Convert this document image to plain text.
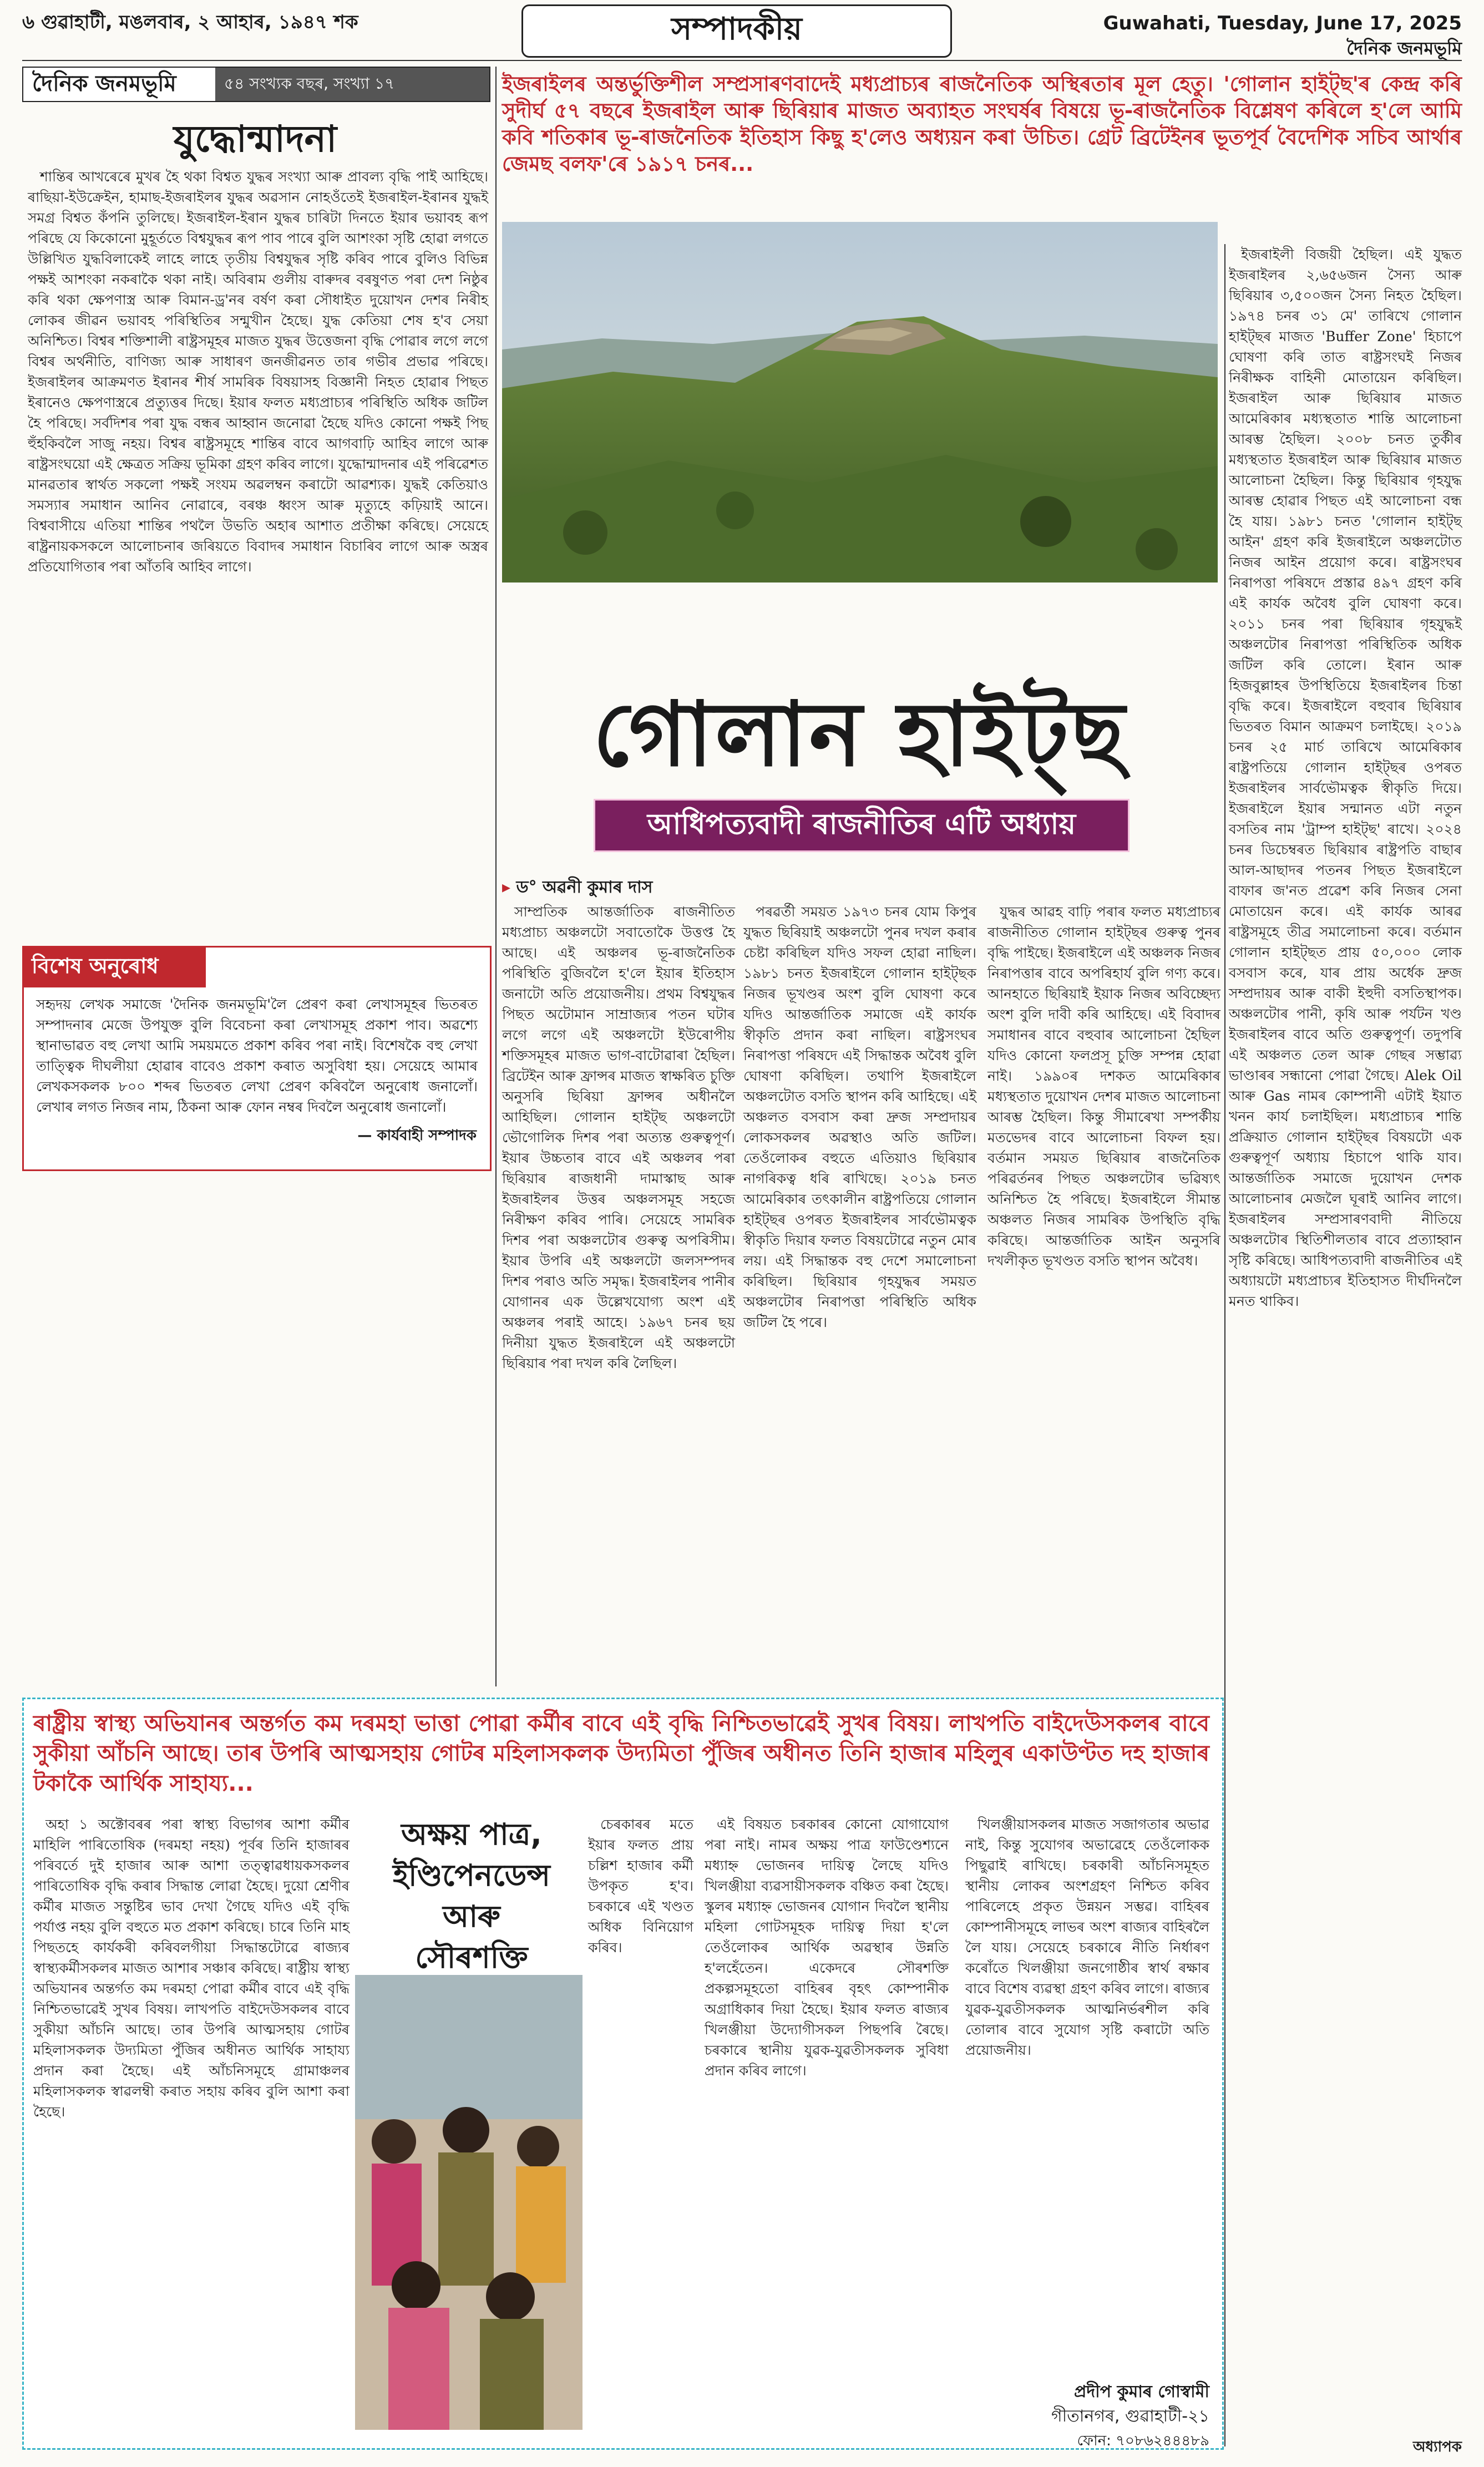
৬ গুৱাহাটী, মঙলবাৰ, ২ আহাৰ, ১৯৪৭ শক	সম্পাদকীয়	Guwahati, Tuesday, June 17, 2025
দৈনিক জনমভূমি
দৈনিক জনমভূমি	৫৪ সংখ্যক বছৰ, সংখ্যা ১৭
যুদ্ধোন্মাদনা

শান্তিৰ আখৰেৰে মুখৰ হৈ থকা বিশ্বত যুদ্ধৰ সংখ্যা আৰু প্ৰাবল্য বৃদ্ধি পাই আহিছে। ৰাছিয়া-ইউক্ৰেইন, হামাছ-ইজৰাইলৰ যুদ্ধৰ অৱসান নোহওঁতেই ইজৰাইল-ইৰানৰ যুদ্ধই সমগ্ৰ বিশ্বত কঁপনি তুলিছে। ইজৰাইল-ইৰান যুদ্ধৰ চাৰিটা দিনতে ইয়াৰ ভয়াবহ ৰূপ পৰিছে যে কিকোনো মুহূৰ্ততে বিশ্বযুদ্ধৰ ৰূপ পাব পাৰে বুলি আশংকা সৃষ্টি হোৱা লগতে উল্লিখিত যুদ্ধবিলাকেই লাহে লাহে তৃতীয় বিশ্বযুদ্ধৰ সৃষ্টি কৰিব পাৰে বুলিও বিভিন্ন পক্ষই আশংকা নকৰাকৈ থকা নাই। অবিৰাম গুলীয় বাৰুদৰ বৰষুণত পৰা দেশ নিষ্ঠুৰ কৰি থকা ক্ষেপণাস্ত্ৰ আৰু বিমান-ড্ৰ'নৰ বৰ্ষণ কৰা সৌধাইত দুয়োখন দেশৰ নিৰীহ লোকৰ জীৱন ভয়াবহ পৰিস্থিতিৰ সন্মুখীন হৈছে। যুদ্ধ কেতিয়া শেষ হ'ব সেয়া অনিশ্চিত। বিশ্বৰ শক্তিশালী ৰাষ্ট্ৰসমূহৰ মাজত যুদ্ধৰ উত্তেজনা বৃদ্ধি পোৱাৰ লগে লগে বিশ্বৰ অৰ্থনীতি, বাণিজ্য আৰু সাধাৰণ জনজীৱনত তাৰ গভীৰ প্ৰভাৱ পৰিছে। ইজৰাইলৰ আক্ৰমণত ইৰানৰ শীৰ্ষ সামৰিক বিষয়াসহ বিজ্ঞানী নিহত হোৱাৰ পিছত ইৰানেও ক্ষেপণাস্ত্ৰৰে প্ৰত্যুত্তৰ দিছে। ইয়াৰ ফলত মধ্যপ্ৰাচ্যৰ পৰিস্থিতি অধিক জটিল হৈ পৰিছে। সৰ্বদিশৰ পৰা যুদ্ধ বন্ধৰ আহ্বান জনোৱা হৈছে যদিও কোনো পক্ষই পিছ হুঁহকিবলৈ সাজু নহয়। বিশ্বৰ ৰাষ্ট্ৰসমূহে শান্তিৰ বাবে আগবাঢ়ি আহিব লাগে আৰু ৰাষ্ট্ৰসংঘয়ো এই ক্ষেত্ৰত সক্ৰিয় ভূমিকা গ্ৰহণ কৰিব লাগে। যুদ্ধোন্মাদনাৰ এই পৰিৱেশত মানৱতাৰ স্বাৰ্থত সকলো পক্ষই সংযম অৱলম্বন কৰাটো আৱশ্যক। যুদ্ধই কেতিয়াও সমস্যাৰ সমাধান আনিব নোৱাৰে, বৰঞ্চ ধ্বংস আৰু মৃত্যুহে কঢ়িয়াই আনে। বিশ্ববাসীয়ে এতিয়া শান্তিৰ পথলৈ উভতি অহাৰ আশাত প্ৰতীক্ষা কৰিছে। সেয়েহে ৰাষ্ট্ৰনায়কসকলে আলোচনাৰ জৰিয়তে বিবাদৰ সমাধান বিচাৰিব লাগে আৰু অস্ত্ৰৰ প্ৰতিযোগিতাৰ পৰা আঁতৰি আহিব লাগে।

বিশেষ অনুৰোধ
সহৃদয় লেখক সমাজে 'দৈনিক জনমভূমি'লৈ প্ৰেৰণ কৰা লেখাসমূহৰ ভিতৰত সম্পাদনাৰ মেজে উপযুক্ত বুলি বিবেচনা কৰা লেখাসমূহ প্ৰকাশ পাব। অৱশ্যে স্থানাভাৱত বহু লেখা আমি সময়মতে প্ৰকাশ কৰিব পৰা নাই। বিশেষকৈ বহু লেখা তাত্ত্বিক দীঘলীয়া হোৱাৰ বাবেও প্ৰকাশ কৰাত অসুবিধা হয়। সেয়েহে আমাৰ লেখকসকলক ৮০০ শব্দৰ ভিতৰত লেখা প্ৰেৰণ কৰিবলৈ অনুৰোধ জনালোঁ। লেখাৰ লগত নিজৰ নাম, ঠিকনা আৰু ফোন নম্বৰ দিবলৈ অনুৰোধ জনালোঁ।
— কাৰ্যবাহী সম্পাদক
ইজৰাইলৰ অন্তৰ্ভুক্তিশীল সম্প্ৰসাৰণবাদেই মধ্যপ্ৰাচ্যৰ ৰাজনৈতিক অস্থিৰতাৰ মূল হেতু। 'গোলান হাইট্‌ছ'ৰ কেন্দ্ৰ কৰি সুদীৰ্ঘ ৫৭ বছৰে ইজৰাইল আৰু ছিৰিয়াৰ মাজত অব্যাহত সংঘৰ্ষৰ বিষয়ে ভূ-ৰাজনৈতিক বিশ্লেষণ কৰিলে হ'লে আমি কবি শতিকাৰ ভূ-ৰাজনৈতিক ইতিহাস কিছু হ'লেও অধ্যয়ন কৰা উচিত। গ্ৰেট ব্ৰিটেইনৰ ভূতপূৰ্ব বৈদেশিক সচিব আৰ্থাৰ জেমছ বলফ'ৰে ১৯১৭ চনৰ...
গোলান হাইট্‌ছ
আধিপত্যবাদী ৰাজনীতিৰ এটি অধ্যায়
▸ ড° অৱনী কুমাৰ দাস

সাম্প্ৰতিক আন্তৰ্জাতিক ৰাজনীতিত মধ্যপ্ৰাচ্য অঞ্চলটো সবাতোকৈ উত্তপ্ত হৈ আছে। এই অঞ্চলৰ ভূ-ৰাজনৈতিক পৰিস্থিতি বুজিবলৈ হ'লে ইয়াৰ ইতিহাস জনাটো অতি প্ৰয়োজনীয়। প্ৰথম বিশ্বযুদ্ধৰ পিছত অটোমান সাম্ৰাজ্যৰ পতন ঘটাৰ লগে লগে এই অঞ্চলটো ইউৰোপীয় শক্তিসমূহৰ মাজত ভাগ-বাটোৱাৰা হৈছিল। ব্ৰিটেইন আৰু ফ্ৰান্সৰ মাজত স্বাক্ষৰিত চুক্তি অনুসৰি ছিৰিয়া ফ্ৰান্সৰ অধীনলৈ আহিছিল। গোলান হাইট্‌ছ অঞ্চলটো ভৌগোলিক দিশৰ পৰা অত্যন্ত গুৰুত্বপূৰ্ণ। ইয়াৰ উচ্চতাৰ বাবে এই অঞ্চলৰ পৰা ছিৰিয়াৰ ৰাজধানী দামাস্কাছ আৰু ইজৰাইলৰ উত্তৰ অঞ্চলসমূহ সহজে নিৰীক্ষণ কৰিব পাৰি। সেয়েহে সামৰিক দিশৰ পৰা অঞ্চলটোৰ গুৰুত্ব অপৰিসীম। ইয়াৰ উপৰি এই অঞ্চলটো জলসম্পদৰ দিশৰ পৰাও অতি সমৃদ্ধ। ইজৰাইলৰ পানীৰ যোগানৰ এক উল্লেখযোগ্য অংশ এই অঞ্চলৰ পৰাই আহে। ১৯৬৭ চনৰ ছয় দিনীয়া যুদ্ধত ইজৰাইলে এই অঞ্চলটো ছিৰিয়াৰ পৰা দখল কৰি লৈছিল।

পৰৱৰ্তী সময়ত ১৯৭৩ চনৰ যোম কিপুৰ যুদ্ধত ছিৰিয়াই অঞ্চলটো পুনৰ দখল কৰাৰ চেষ্টা কৰিছিল যদিও সফল হোৱা নাছিল। ১৯৮১ চনত ইজৰাইলে গোলান হাইট্‌ছক নিজৰ ভূখণ্ডৰ অংশ বুলি ঘোষণা কৰে যদিও আন্তৰ্জাতিক সমাজে এই কাৰ্যক স্বীকৃতি প্ৰদান কৰা নাছিল। ৰাষ্ট্ৰসংঘৰ নিৰাপত্তা পৰিষদে এই সিদ্ধান্তক অবৈধ বুলি ঘোষণা কৰিছিল। তথাপি ইজৰাইলে অঞ্চলটোত বসতি স্থাপন কৰি আহিছে। এই অঞ্চলত বসবাস কৰা দ্ৰুজ সম্প্ৰদায়ৰ লোকসকলৰ অৱস্থাও অতি জটিল। তেওঁলোকৰ বহুতে এতিয়াও ছিৰিয়াৰ নাগৰিকত্ব ধৰি ৰাখিছে। ২০১৯ চনত আমেৰিকাৰ তৎকালীন ৰাষ্ট্ৰপতিয়ে গোলান হাইট্‌ছৰ ওপৰত ইজৰাইলৰ সাৰ্বভৌমত্বক স্বীকৃতি দিয়াৰ ফলত বিষয়টোৱে নতুন মোৰ লয়। এই সিদ্ধান্তক বহু দেশে সমালোচনা কৰিছিল। ছিৰিয়াৰ গৃহযুদ্ধৰ সময়ত অঞ্চলটোৰ নিৰাপত্তা পৰিস্থিতি অধিক জটিল হৈ পৰে।

যুদ্ধৰ আৱহ বাঢ়ি পৰাৰ ফলত মধ্যপ্ৰাচ্যৰ ৰাজনীতিত গোলান হাইট্‌ছৰ গুৰুত্ব পুনৰ বৃদ্ধি পাইছে। ইজৰাইলে এই অঞ্চলক নিজৰ নিৰাপত্তাৰ বাবে অপৰিহাৰ্য বুলি গণ্য কৰে। আনহাতে ছিৰিয়াই ইয়াক নিজৰ অবিচ্ছেদ্য অংশ বুলি দাবী কৰি আহিছে। এই বিবাদৰ সমাধানৰ বাবে বহুবাৰ আলোচনা হৈছিল যদিও কোনো ফলপ্ৰসূ চুক্তি সম্পন্ন হোৱা নাই। ১৯৯০ৰ দশকত আমেৰিকাৰ মধ্যস্থতাত দুয়োখন দেশৰ মাজত আলোচনা আৰম্ভ হৈছিল। কিন্তু সীমাৰেখা সম্পৰ্কীয় মতভেদৰ বাবে আলোচনা বিফল হয়। বৰ্তমান সময়ত ছিৰিয়াৰ ৰাজনৈতিক পৰিৱৰ্তনৰ পিছত অঞ্চলটোৰ ভৱিষ্যৎ অনিশ্চিত হৈ পৰিছে। ইজৰাইলে সীমান্ত অঞ্চলত নিজৰ সামৰিক উপস্থিতি বৃদ্ধি কৰিছে। আন্তৰ্জাতিক আইন অনুসৰি দখলীকৃত ভূখণ্ডত বসতি স্থাপন অবৈধ।

ইজৰাইলী বিজয়ী হৈছিল। এই যুদ্ধত ইজৰাইলৰ ২,৬৫৬জন সৈন্য আৰু ছিৰিয়াৰ ৩,৫০০জন সৈন্য নিহত হৈছিল। ১৯৭৪ চনৰ ৩১ মে' তাৰিখে গোলান হাইট্‌ছৰ মাজত 'Buffer Zone' হিচাপে ঘোষণা কৰি তাত ৰাষ্ট্ৰসংঘই নিজৰ নিৰীক্ষক বাহিনী মোতায়েন কৰিছিল। ইজৰাইল আৰু ছিৰিয়াৰ মাজত আমেৰিকাৰ মধ্যস্থতাত শান্তি আলোচনা আৰম্ভ হৈছিল। ২০০৮ চনত তুৰ্কীৰ মধ্যস্থতাত ইজৰাইল আৰু ছিৰিয়াৰ মাজত আলোচনা হৈছিল। কিন্তু ছিৰিয়াৰ গৃহযুদ্ধ আৰম্ভ হোৱাৰ পিছত এই আলোচনা বন্ধ হৈ যায়। ১৯৮১ চনত 'গোলান হাইট্‌ছ আইন' গ্ৰহণ কৰি ইজৰাইলে অঞ্চলটোত নিজৰ আইন প্ৰয়োগ কৰে। ৰাষ্ট্ৰসংঘৰ নিৰাপত্তা পৰিষদে প্ৰস্তাৱ ৪৯৭ গ্ৰহণ কৰি এই কাৰ্যক অবৈধ বুলি ঘোষণা কৰে। ২০১১ চনৰ পৰা ছিৰিয়াৰ গৃহযুদ্ধই অঞ্চলটোৰ নিৰাপত্তা পৰিস্থিতিক অধিক জটিল কৰি তোলে। ইৰান আৰু হিজবুল্লাহৰ উপস্থিতিয়ে ইজৰাইলৰ চিন্তা বৃদ্ধি কৰে। ইজৰাইলে বহুবাৰ ছিৰিয়াৰ ভিতৰত বিমান আক্ৰমণ চলাইছে। ২০১৯ চনৰ ২৫ মাৰ্চ তাৰিখে আমেৰিকাৰ ৰাষ্ট্ৰপতিয়ে গোলান হাইট্‌ছৰ ওপৰত ইজৰাইলৰ সাৰ্বভৌমত্বক স্বীকৃতি দিয়ে। ইজৰাইলে ইয়াৰ সন্মানত এটা নতুন বসতিৰ নাম 'ট্ৰাম্প হাইট্‌ছ' ৰাখে। ২০২৪ চনৰ ডিচেম্বৰত ছিৰিয়াৰ ৰাষ্ট্ৰপতি বাছাৰ আল-আছাদৰ পতনৰ পিছত ইজৰাইলে বাফাৰ জ'নত প্ৰৱেশ কৰি নিজৰ সেনা মোতায়েন কৰে। এই কাৰ্যক আৰৱ ৰাষ্ট্ৰসমূহে তীব্ৰ সমালোচনা কৰে। বৰ্তমান গোলান হাইট্‌ছত প্ৰায় ৫০,০০০ লোক বসবাস কৰে, যাৰ প্ৰায় অৰ্ধেক দ্ৰুজ সম্প্ৰদায়ৰ আৰু বাকী ইহুদী বসতিস্থাপক। অঞ্চলটোৰ পানী, কৃষি আৰু পৰ্যটন খণ্ড ইজৰাইলৰ বাবে অতি গুৰুত্বপূৰ্ণ। তদুপৰি এই অঞ্চলত তেল আৰু গেছৰ সম্ভাৱ্য ভাণ্ডাৰৰ সন্ধানো পোৱা গৈছে। Alek Oil আৰু Gas নামৰ কোম্পানী এটাই ইয়াত খনন কাৰ্য চলাইছিল। মধ্যপ্ৰাচ্যৰ শান্তি প্ৰক্ৰিয়াত গোলান হাইট্‌ছৰ বিষয়টো এক গুৰুত্বপূৰ্ণ অধ্যায় হিচাপে থাকি যাব। আন্তৰ্জাতিক সমাজে দুয়োখন দেশক আলোচনাৰ মেজলৈ ঘূৰাই আনিব লাগে। ইজৰাইলৰ সম্প্ৰসাৰণবাদী নীতিয়ে অঞ্চলটোৰ স্থিতিশীলতাৰ বাবে প্ৰত্যাহ্বান সৃষ্টি কৰিছে। আধিপত্যবাদী ৰাজনীতিৰ এই অধ্যায়টো মধ্যপ্ৰাচ্যৰ ইতিহাসত দীৰ্ঘদিনলৈ মনত থাকিব।

অধ্যাপক
ৰাষ্ট্ৰীয় স্বাস্থ্য অভিযানৰ অন্তৰ্গত কম দৰমহা ভাত্তা পোৱা কৰ্মীৰ বাবে এই বৃদ্ধি নিশ্চিতভাৱেই সুখৰ বিষয়। লাখপতি বাইদেউসকলৰ বাবে সুকীয়া আঁচনি আছে। তাৰ উপৰি আত্মসহায় গোটৰ মহিলাসকলক উদ্যমিতা পুঁজিৰ অধীনত তিনি হাজাৰ মহিলুৰ একাউণ্টত দহ হাজাৰ টকাকৈ আৰ্থিক সাহায্য...

অহা ১ অক্টোবৰৰ পৰা স্বাস্থ্য বিভাগৰ আশা কৰ্মীৰ মাহিলি পাৰিতোষিক (দৰমহা নহয়) পূৰ্বৰ তিনি হাজাৰৰ পৰিবৰ্তে দুই হাজাৰ আৰু আশা তত্ত্বাৱধায়কসকলৰ পাৰিতোষিক বৃদ্ধি কৰাৰ সিদ্ধান্ত লোৱা হৈছে। দুয়ো শ্ৰেণীৰ কৰ্মীৰ মাজত সন্তুষ্টিৰ ভাব দেখা গৈছে যদিও এই বৃদ্ধি পৰ্যাপ্ত নহয় বুলি বহুতে মত প্ৰকাশ কৰিছে। চাৰে তিনি মাহ পিছতহে কাৰ্যকৰী কৰিবলগীয়া সিদ্ধান্তটোৱে ৰাজ্যৰ স্বাস্থ্যকৰ্মীসকলৰ মাজত আশাৰ সঞ্চাৰ কৰিছে। ৰাষ্ট্ৰীয় স্বাস্থ্য অভিযানৰ অন্তৰ্গত কম দৰমহা পোৱা কৰ্মীৰ বাবে এই বৃদ্ধি নিশ্চিতভাৱেই সুখৰ বিষয়। লাখপতি বাইদেউসকলৰ বাবে সুকীয়া আঁচনি আছে। তাৰ উপৰি আত্মসহায় গোটৰ মহিলাসকলক উদ্যমিতা পুঁজিৰ অধীনত আৰ্থিক সাহায্য প্ৰদান কৰা হৈছে। এই আঁচনিসমূহে গ্ৰামাঞ্চলৰ মহিলাসকলক স্বাৱলম্বী কৰাত সহায় কৰিব বুলি আশা কৰা হৈছে।

অক্ষয় পাত্ৰ,
ইণ্ডিপেনডেন্স আৰু
সৌৰশক্তি

চেৰকাৰৰ মতে ইয়াৰ ফলত প্ৰায় চল্লিশ হাজাৰ কৰ্মী উপকৃত হ'ব। চৰকাৰে এই খণ্ডত অধিক বিনিয়োগ কৰিব।

এই বিষয়ত চৰকাৰৰ কোনো যোগাযোগ পৰা নাই। নামৰ অক্ষয় পাত্ৰ ফাউণ্ডেশ্যনে মধ্যাহ্ন ভোজনৰ দায়িত্ব লৈছে যদিও খিলঞ্জীয়া ব্যৱসায়ীসকলক বঞ্চিত কৰা হৈছে। স্কুলৰ মধ্যাহ্ন ভোজনৰ যোগান দিবলৈ স্থানীয় মহিলা গোটসমূহক দায়িত্ব দিয়া হ'লে তেওঁলোকৰ আৰ্থিক অৱস্থাৰ উন্নতি হ'লহেঁতেন। একেদৰে সৌৰশক্তি প্ৰকল্পসমূহতো বাহিৰৰ বৃহৎ কোম্পানীক অগ্ৰাধিকাৰ দিয়া হৈছে। ইয়াৰ ফলত ৰাজ্যৰ খিলঞ্জীয়া উদ্যোগীসকল পিছপৰি ৰৈছে। চৰকাৰে স্থানীয় যুৱক-যুৱতীসকলক সুবিধা প্ৰদান কৰিব লাগে।

খিলঞ্জীয়াসকলৰ মাজত সজাগতাৰ অভাৱ নাই, কিন্তু সুযোগৰ অভাৱেহে তেওঁলোকক পিছুৱাই ৰাখিছে। চৰকাৰী আঁচনিসমূহত স্থানীয় লোকৰ অংশগ্ৰহণ নিশ্চিত কৰিব পাৰিলেহে প্ৰকৃত উন্নয়ন সম্ভৱ। বাহিৰৰ কোম্পানীসমূহে লাভৰ অংশ ৰাজ্যৰ বাহিৰলৈ লৈ যায়। সেয়েহে চৰকাৰে নীতি নিৰ্ধাৰণ কৰোঁতে খিলঞ্জীয়া জনগোষ্ঠীৰ স্বাৰ্থ ৰক্ষাৰ বাবে বিশেষ ব্যৱস্থা গ্ৰহণ কৰিব লাগে। ৰাজ্যৰ যুৱক-যুৱতীসকলক আত্মনিৰ্ভৰশীল কৰি তোলাৰ বাবে সুযোগ সৃষ্টি কৰাটো অতি প্ৰয়োজনীয়।

প্ৰদীপ কুমাৰ গোস্বামী
গীতানগৰ, গুৱাহাটী-২১
ফোন: ৭০৮৬২৪৪৪৮৯
